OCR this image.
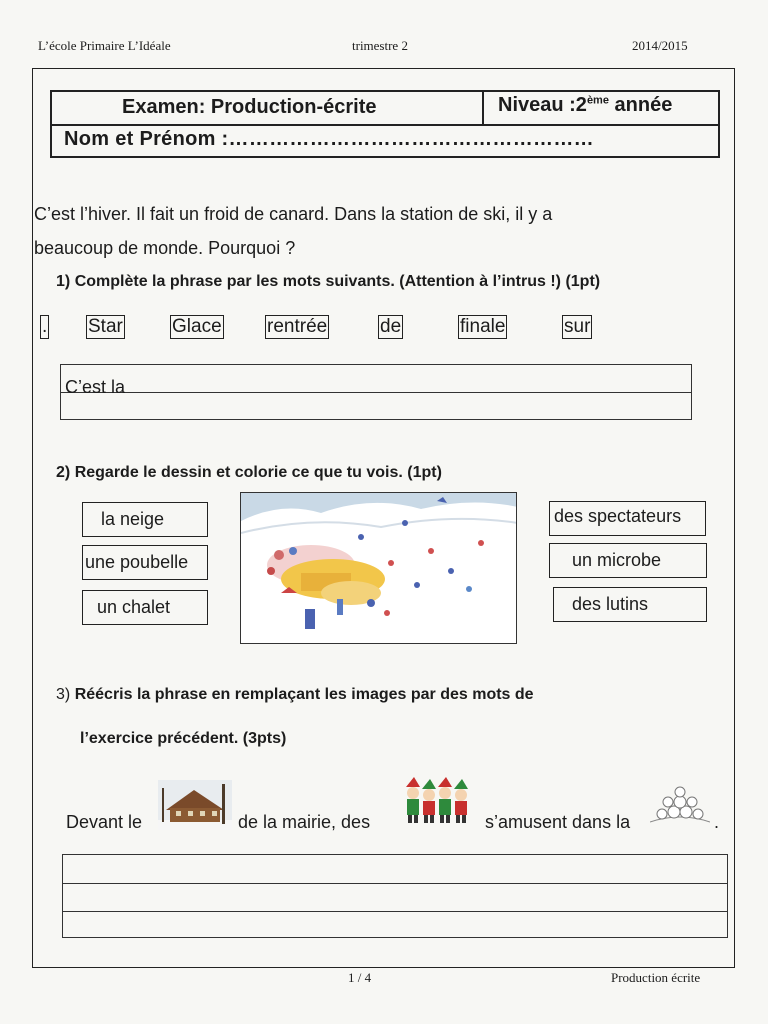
L’école Primaire L’Idéale	trimestre 2	2014/2015
Examen: Production-écrite	Niveau :2ème année
Nom et Prénom :………………………………………………
C’est l’hiver. Il fait un froid de canard. Dans la station de ski, il y a
beaucoup de monde. Pourquoi ?
1) Complète la phrase par les mots suivants. (Attention à l’intrus !) (1pt)
. Star	Glace rentrée	de	finale	sur
C’est la
2) Regarde le dessin et colorie ce que tu vois. (1pt)
la neige
une poubelle
un chalet
des spectateurs
un microbe
des lutins
3) Réécris la phrase en remplaçant les images par des mots de
l’exercice précédent. (3pts)
Devant le	de la mairie, des	s’amusent dans la	.
1 / 4	Production écrite
